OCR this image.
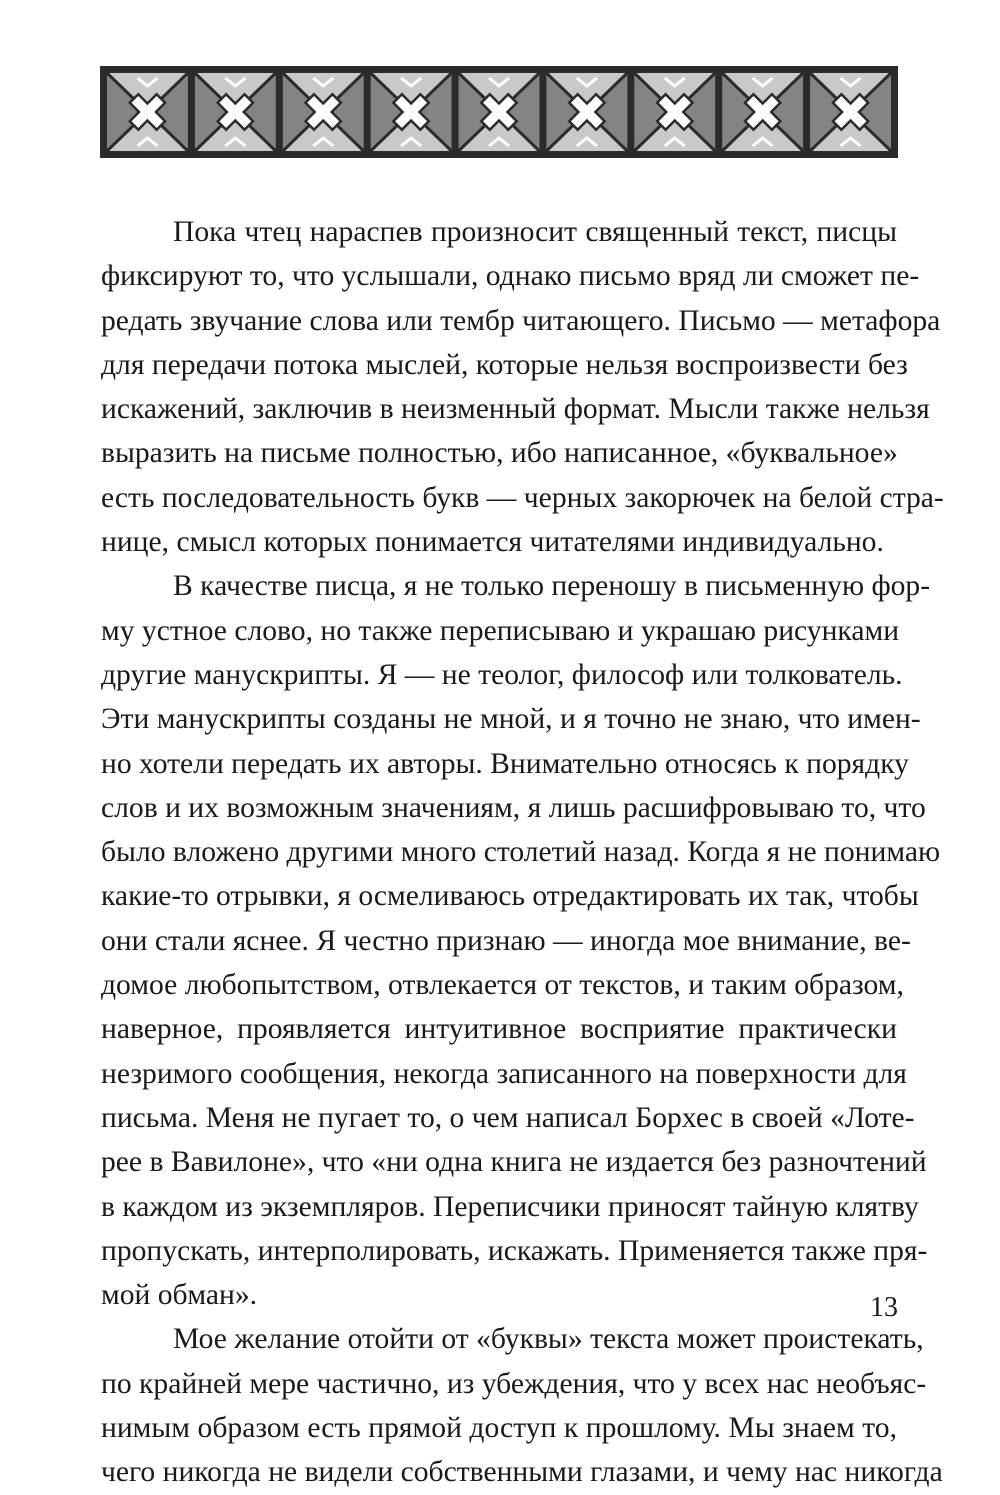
Пока чтец нараспев произносит священный текст, писцы
фиксируют то, что услышали, однако письмо вряд ли сможет пе-
редать звучание слова или тембр читающего. Письмо — метафора
для передачи потока мыслей, которые нельзя воспроизвести без
искажений, заключив в неизменный формат. Мысли также нельзя
выразить на письме полностью, ибо написанное, «буквальное»
есть последовательность букв — черных закорючек на белой стра-
нице, смысл которых понимается читателями индивидуально.
В качестве писца, я не только переношу в письменную фор-
му устное слово, но также переписываю и украшаю рисунками
другие манускрипты. Я — не теолог, философ или толкователь.
Эти манускрипты созданы не мной, и я точно не знаю, что имен-
но хотели передать их авторы. Внимательно относясь к порядку
слов и их возможным значениям, я лишь расшифровываю то, что
было вложено другими много столетий назад. Когда я не понимаю
какие-то отрывки, я осмеливаюсь отредактировать их так, чтобы
они стали яснее. Я честно признаю — иногда мое внимание, ве-
домое любопытством, отвлекается от текстов, и таким образом,
наверное, проявляется интуитивное восприятие практически
незримого сообщения, некогда записанного на поверхности для
письма. Меня не пугает то, о чем написал Борхес в своей «Лоте-
рее в Вавилоне», что «ни одна книга не издается без разночтений
в каждом из экземпляров. Переписчики приносят тайную клятву
пропускать, интерполировать, искажать. Применяется также пря-
мой обман».
Мое желание отойти от «буквы» текста может проистекать,
по крайней мере частично, из убеждения, что у всех нас необъяс-
нимым образом есть прямой доступ к прошлому. Мы знаем то,
чего никогда не видели собственными глазами, и чему нас никогда
13
